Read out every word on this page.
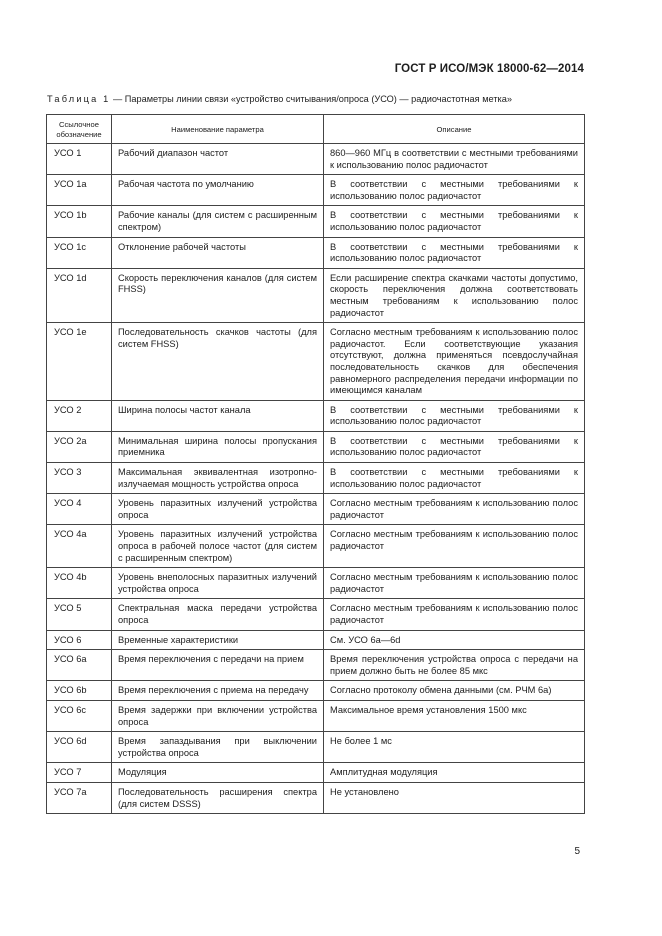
ГОСТ Р ИСО/МЭК 18000-62—2014
Таблица 1 — Параметры линии связи «устройство считывания/опроса (УСО) — радиочастотная метка»
Ссылочное обозначение	Наименование параметра	Описание
УСО 1	Рабочий диапазон частот	860—960 МГц в соответствии с местными требованиями к использованию полос радиочастот
УСО 1a	Рабочая частота по умолчанию	В соответствии с местными требованиями к использованию полос радиочастот
УСО 1b	Рабочие каналы (для систем с расширенным спектром)	В соответствии с местными требованиями к использованию полос радиочастот
УСО 1c	Отклонение рабочей частоты	В соответствии с местными требованиями к использованию полос радиочастот
УСО 1d	Скорость переключения каналов (для систем FHSS)	Если расширение спектра скачками частоты допустимо, скорость переключения должна соответствовать местным требованиям к использованию полос радиочастот
УСО 1e	Последовательность скачков частоты (для систем FHSS)	Согласно местным требованиям к использованию полос радиочастот. Если соответствующие указания отсутствуют, должна применяться псевдослучайная последовательность скачков для обеспечения равномерного распределения передачи информации по имеющимся каналам
УСО 2	Ширина полосы частот канала	В соответствии с местными требованиями к использованию полос радиочастот
УСО 2a	Минимальная ширина полосы пропускания приемника	В соответствии с местными требованиями к использованию полос радиочастот
УСО 3	Максимальная эквивалентная изотропно-излучаемая мощность устройства опроса	В соответствии с местными требованиями к использованию полос радиочастот
УСО 4	Уровень паразитных излучений устройства опроса	Согласно местным требованиям к использованию полос радиочастот
УСО 4a	Уровень паразитных излучений устройства опроса в рабочей полосе частот (для систем с расширенным спектром)	Согласно местным требованиям к использованию полос радиочастот
УСО 4b	Уровень внеполосных паразитных излучений устройства опроса	Согласно местным требованиям к использованию полос радиочастот
УСО 5	Спектральная маска передачи устройства опроса	Согласно местным требованиям к использованию полос радиочастот
УСО 6	Временные характеристики	См. УСО 6a—6d
УСО 6a	Время переключения с передачи на прием	Время переключения устройства опроса с передачи на прием должно быть не более 85 мкс
УСО 6b	Время переключения с приема на передачу	Согласно протоколу обмена данными (см. РЧМ 6а)
УСО 6c	Время задержки при включении устройства опроса	Максимальное время установления 1500 мкс
УСО 6d	Время запаздывания при выключении устройства опроса	Не более 1 мс
УСО 7	Модуляция	Амплитудная модуляция
УСО 7a	Последовательность расширения спектра (для систем DSSS)	Не установлено
5
